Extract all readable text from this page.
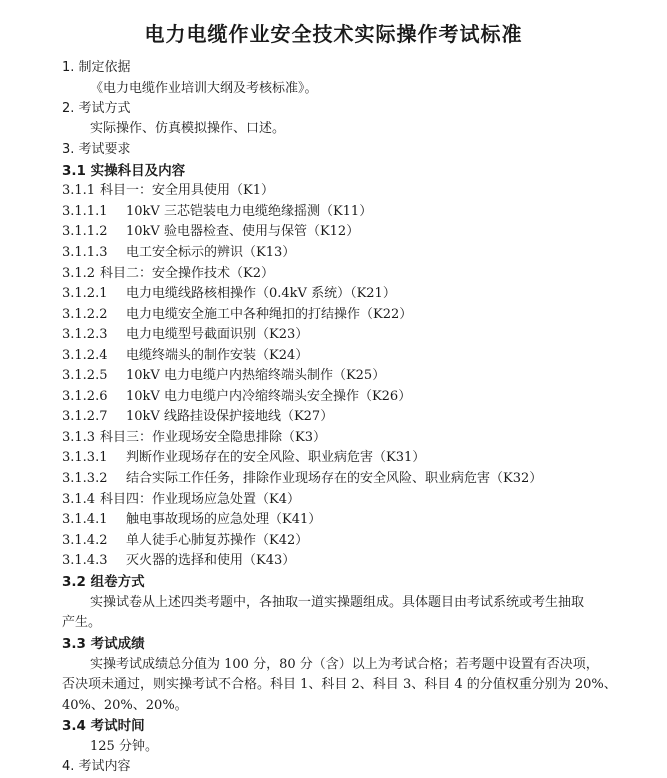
电力电缆作业安全技术实际操作考试标准
1. 制定依据
《电力电缆作业培训大纲及考核标准》。
2. 考试方式
实际操作、仿真模拟操作、口述。
3. 考试要求
3.1 实操科目及内容
3.1.1 科目一：安全用具使用（K1）
3.1.1.1 10kV 三芯铠装电力电缆绝缘摇测（K11）
3.1.1.2 10kV 验电器检查、使用与保管（K12）
3.1.1.3 电工安全标示的辨识（K13）
3.1.2 科目二：安全操作技术（K2）
3.1.2.1 电力电缆线路核相操作（0.4kV 系统）（K21）
3.1.2.2 电力电缆安全施工中各种绳扣的打结操作（K22）
3.1.2.3 电力电缆型号截面识别（K23）
3.1.2.4 电缆终端头的制作安装（K24）
3.1.2.5 10kV 电力电缆户内热缩终端头制作（K25）
3.1.2.6 10kV 电力电缆户内冷缩终端头安全操作（K26）
3.1.2.7 10kV 线路挂设保护接地线（K27）
3.1.3 科目三：作业现场安全隐患排除（K3）
3.1.3.1 判断作业现场存在的安全风险、职业病危害（K31）
3.1.3.2 结合实际工作任务，排除作业现场存在的安全风险、职业病危害（K32）
3.1.4 科目四：作业现场应急处置（K4）
3.1.4.1 触电事故现场的应急处理（K41）
3.1.4.2 单人徒手心肺复苏操作（K42）
3.1.4.3 灭火器的选择和使用（K43）
3.2 组卷方式
实操试卷从上述四类考题中，各抽取一道实操题组成。具体题目由考试系统或考生抽取
产生。
3.3 考试成绩
实操考试成绩总分值为 100 分，80 分（含）以上为考试合格；若考题中设置有否决项，
否决项未通过，则实操考试不合格。科目 1、科目 2、科目 3、科目 4 的分值权重分别为 20%、
40%、20%、20%。
3.4 考试时间
125 分钟。
4. 考试内容
